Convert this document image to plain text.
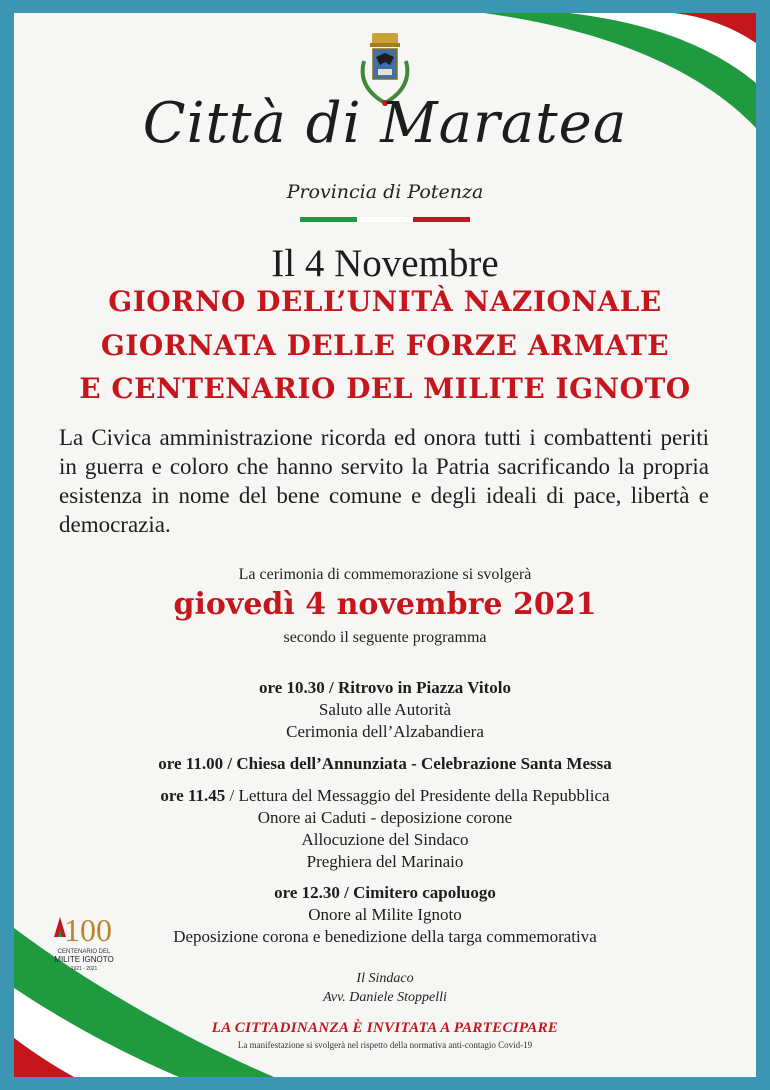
Città di Maratea
Provincia di Potenza
Il 4 Novembre
GIORNO DELL’UNITÀ NAZIONALE
GIORNATA DELLE FORZE ARMATE
E CENTENARIO DEL MILITE IGNOTO
La Civica amministrazione ricorda ed onora tutti i combattenti periti in guerra e coloro che hanno servito la Patria sacrificando la propria esistenza in nome del bene comune e degli ideali di pace, libertà e democrazia.
La cerimonia di commemorazione si svolgerà
giovedì 4 novembre 2021
secondo il seguente programma
ore 10.30 / Ritrovo in Piazza Vitolo
Saluto alle Autorità
Cerimonia dell’Alzabandiera
ore 11.00 / Chiesa dell’Annunziata - Celebrazione Santa Messa
ore 11.45 / Lettura del Messaggio del Presidente della Repubblica
Onore ai Caduti - deposizione corone
Allocuzione del Sindaco
Preghiera del Marinaio
ore 12.30 / Cimitero capoluogo
Onore al Milite Ignoto
Deposizione corona e benedizione della targa commemorativa
100
CENTENARIO DEL
MILITE IGNOTO
1921 - 2021
Il Sindaco
Avv. Daniele Stoppelli
LA CITTADINANZA È INVITATA A PARTECIPARE
La manifestazione si svolgerà nel rispetto della normativa anti-contagio Covid-19
